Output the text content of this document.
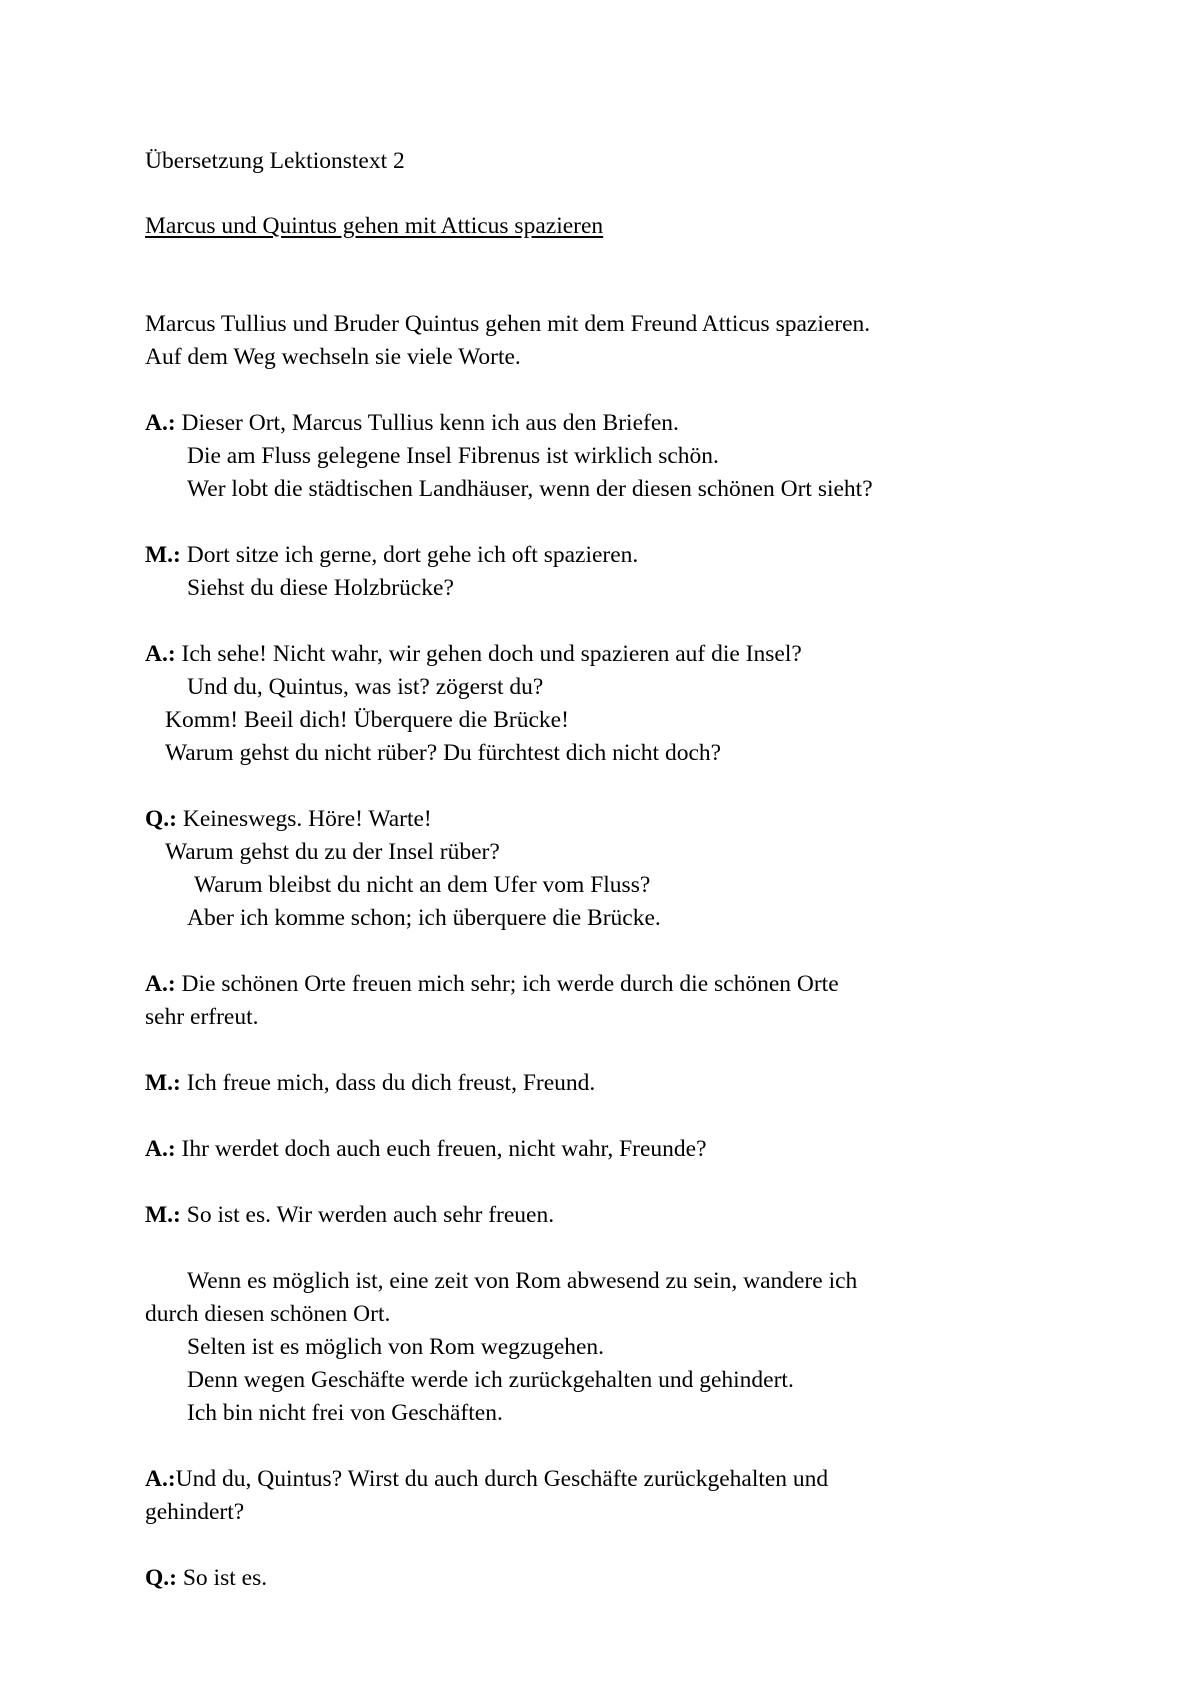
Übersetzung Lektionstext 2
Marcus und Quintus gehen mit Atticus spazieren
Marcus Tullius und Bruder Quintus gehen mit dem Freund Atticus spazieren.
Auf dem Weg wechseln sie viele Worte.
A.: Dieser Ort, Marcus Tullius kenn ich aus den Briefen.
Die am Fluss gelegene Insel Fibrenus ist wirklich schön.
Wer lobt die städtischen Landhäuser, wenn der diesen schönen Ort sieht?
M.: Dort sitze ich gerne, dort gehe ich oft spazieren.
Siehst du diese Holzbrücke?
A.: Ich sehe! Nicht wahr, wir gehen doch und spazieren auf die Insel?
Und du, Quintus, was ist? zögerst du?
Komm! Beeil dich! Überquere die Brücke!
Warum gehst du nicht rüber? Du fürchtest dich nicht doch?
Q.: Keineswegs. Höre! Warte!
Warum gehst du zu der Insel rüber?
Warum bleibst du nicht an dem Ufer vom Fluss?
Aber ich komme schon; ich überquere die Brücke.
A.: Die schönen Orte freuen mich sehr; ich werde durch die schönen Orte
sehr erfreut.
M.: Ich freue mich, dass du dich freust, Freund.
A.: Ihr werdet doch auch euch freuen, nicht wahr, Freunde?
M.: So ist es. Wir werden auch sehr freuen.
Wenn es möglich ist, eine zeit von Rom abwesend zu sein, wandere ich
durch diesen schönen Ort.
Selten ist es möglich von Rom wegzugehen.
Denn wegen Geschäfte werde ich zurückgehalten und gehindert.
Ich bin nicht frei von Geschäften.
A.:Und du, Quintus? Wirst du auch durch Geschäfte zurückgehalten und
gehindert?
Q.: So ist es.
